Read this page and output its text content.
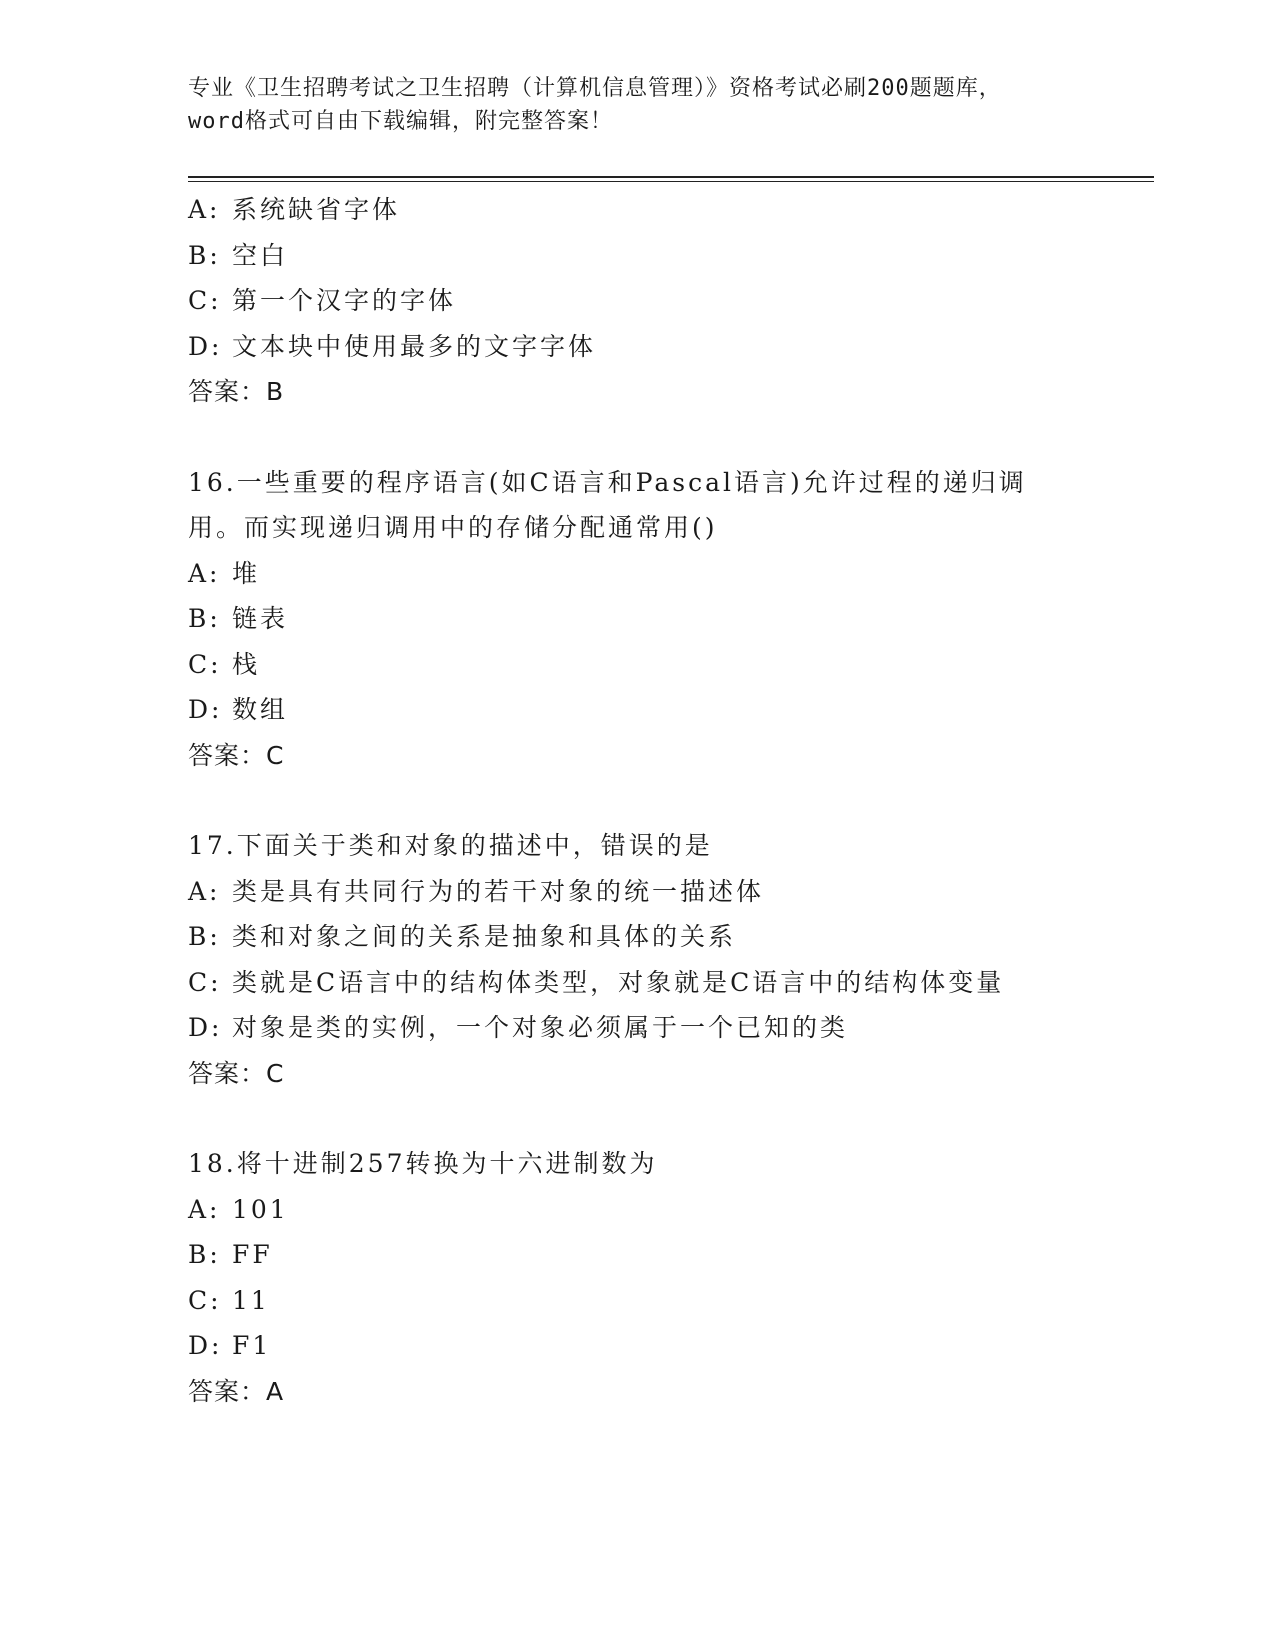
专业《卫生招聘考试之卫生招聘（计算机信息管理）》资格考试必刷200题题库，
word格式可自由下载编辑，附完整答案！
A: 系统缺省字体
B: 空白
C: 第一个汉字的字体
D: 文本块中使用最多的文字字体
答案：B
16.一些重要的程序语言(如C语言和Pascal语言)允许过程的递归调用。而实现递归调用中的存储分配通常用()
A: 堆
B: 链表
C: 栈
D: 数组
答案：C
17.下面关于类和对象的描述中，错误的是
A: 类是具有共同行为的若干对象的统一描述体
B: 类和对象之间的关系是抽象和具体的关系
C: 类就是C语言中的结构体类型，对象就是C语言中的结构体变量
D: 对象是类的实例，一个对象必须属于一个已知的类
答案：C
18.将十进制257转换为十六进制数为
A: 101
B: FF
C: 11
D: F1
答案：A
